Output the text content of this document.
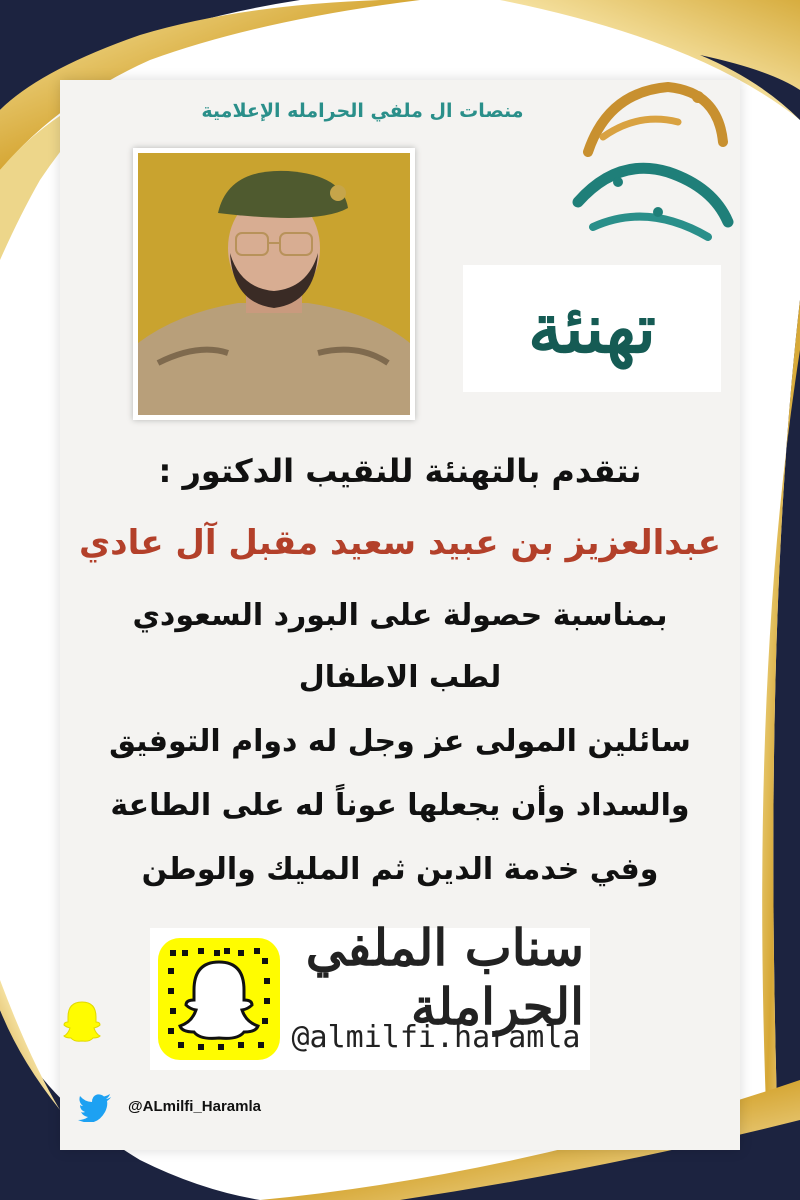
منصات ال ملفي الحرامله الإعلامية
تهنئة
نتقدم بالتهنئة للنقيب الدكتور :
عبدالعزيز بن عبيد سعيد مقبل آل عادي
بمناسبة حصولة على البورد السعودي
لطب الاطفال
سائلين المولى عز وجل له دوام التوفيق
والسداد وأن يجعلها عوناً له على الطاعة
وفي خدمة الدين ثم المليك والوطن
سناب الملفي الحراملة
@almilfi.haramla
@ALmilfi_Haramla
